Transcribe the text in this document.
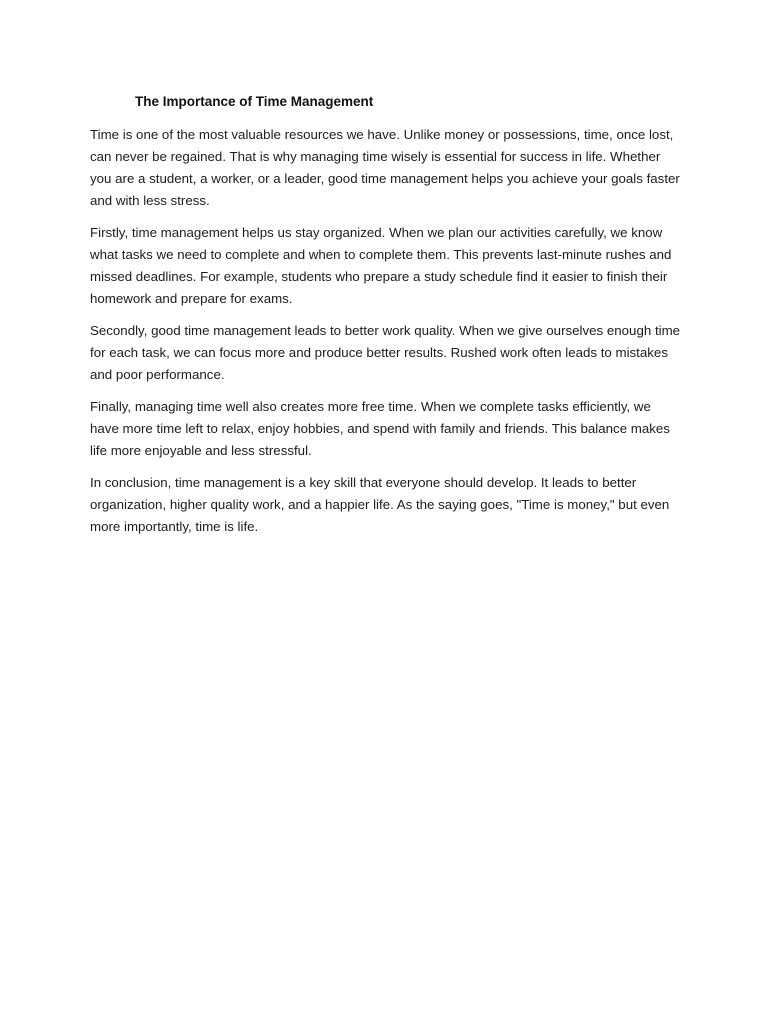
The Importance of Time Management

Time is one of the most valuable resources we have. Unlike money or possessions, time, once lost, can never be regained. That is why managing time wisely is essential for success in life. Whether you are a student, a worker, or a leader, good time management helps you achieve your goals faster and with less stress.

Firstly, time management helps us stay organized. When we plan our activities carefully, we know what tasks we need to complete and when to complete them. This prevents last-minute rushes and missed deadlines. For example, students who prepare a study schedule find it easier to finish their homework and prepare for exams.

Secondly, good time management leads to better work quality. When we give ourselves enough time for each task, we can focus more and produce better results. Rushed work often leads to mistakes and poor performance.

Finally, managing time well also creates more free time. When we complete tasks efficiently, we have more time left to relax, enjoy hobbies, and spend with family and friends. This balance makes life more enjoyable and less stressful.

In conclusion, time management is a key skill that everyone should develop. It leads to better organization, higher quality work, and a happier life. As the saying goes, "Time is money," but even more importantly, time is life.
